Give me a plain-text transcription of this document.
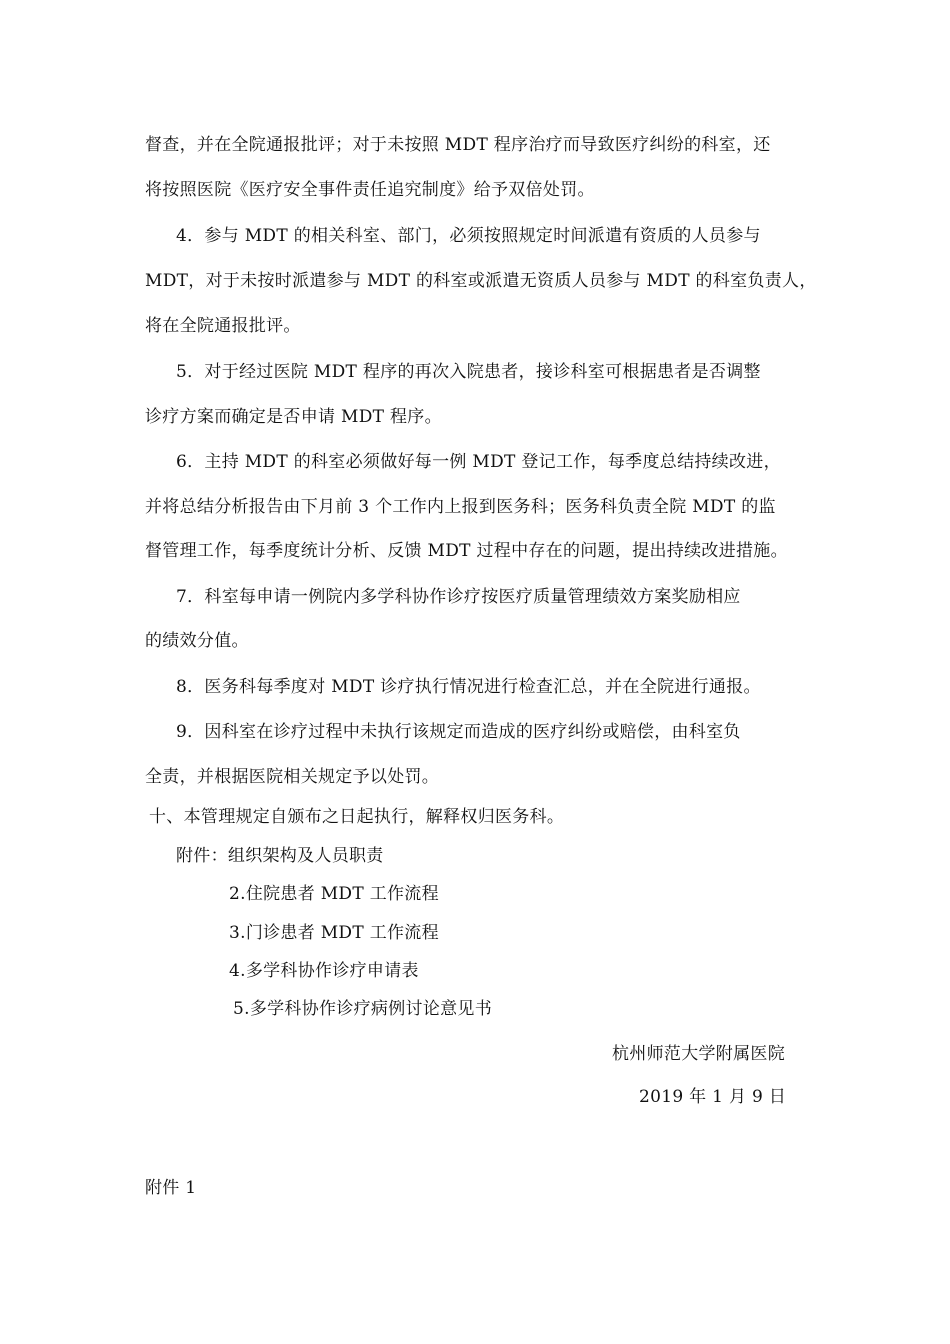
督查，并在全院通报批评；对于未按照 MDT 程序治疗而导致医疗纠纷的科室，还
将按照医院《医疗安全事件责任追究制度》给予双倍处罚。
4．参与 MDT 的相关科室、部门，必须按照规定时间派遣有资质的人员参与
MDT，对于未按时派遣参与 MDT 的科室或派遣无资质人员参与 MDT 的科室负责人，
将在全院通报批评。
5．对于经过医院 MDT 程序的再次入院患者，接诊科室可根据患者是否调整
诊疗方案而确定是否申请 MDT 程序。
6．主持 MDT 的科室必须做好每一例 MDT 登记工作，每季度总结持续改进，
并将总结分析报告由下月前 3 个工作内上报到医务科；医务科负责全院 MDT 的监
督管理工作，每季度统计分析、反馈 MDT 过程中存在的问题，提出持续改进措施。
7．科室每申请一例院内多学科协作诊疗按医疗质量管理绩效方案奖励相应
的绩效分值。
8．医务科每季度对 MDT 诊疗执行情况进行检查汇总，并在全院进行通报。
9．因科室在诊疗过程中未执行该规定而造成的医疗纠纷或赔偿，由科室负
全责，并根据医院相关规定予以处罚。
十、本管理规定自颁布之日起执行，解释权归医务科。
附件：组织架构及人员职责
2.住院患者 MDT 工作流程
3.门诊患者 MDT 工作流程
4.多学科协作诊疗申请表
5.多学科协作诊疗病例讨论意见书
杭州师范大学附属医院
2019 年 1 月 9 日
附件 1
